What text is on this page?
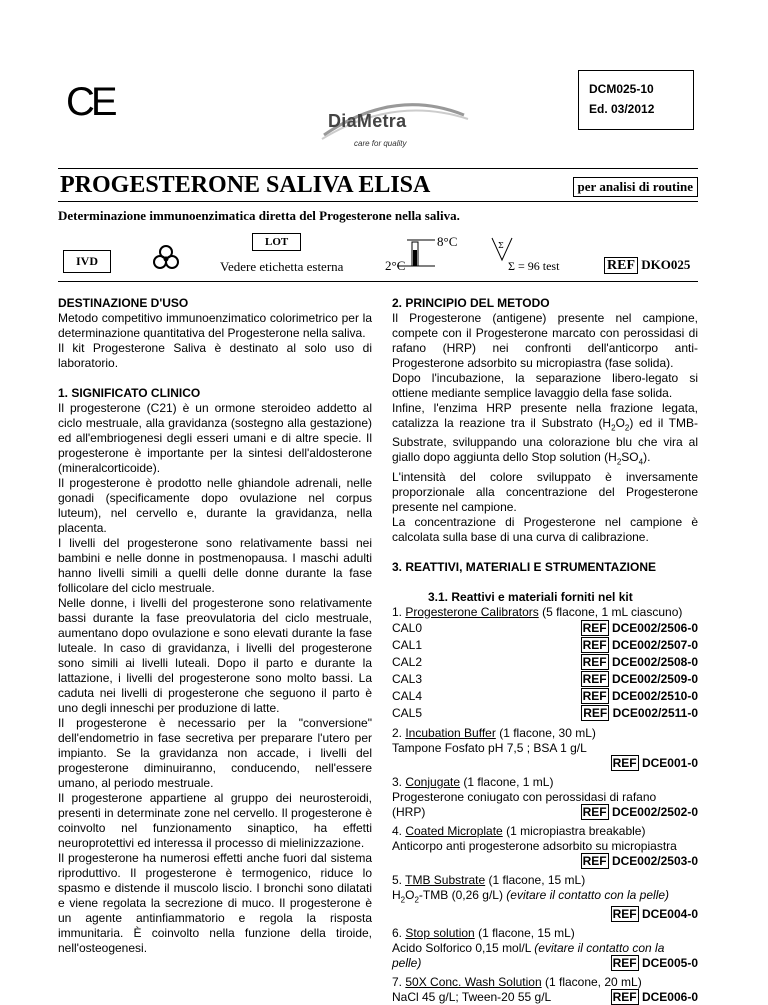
CE	DCM025-10
Ed. 03/2012
DiaMetra
care for quality
PROGESTERONE SALIVA ELISA	per analisi di routine
Determinazione immunoenzimatica diretta del Progesterone nella saliva.
IVD
LOT
Vedere etichetta esterna
8°C
2°C
Σ
Σ = 96 test	REF DKO025

DESTINAZIONE D'USO

Metodo competitivo immunoenzimatico colorimetrico per la determinazione quantitativa del Progesterone nella saliva.

Il kit Progesterone Saliva è destinato al solo uso di laboratorio.

1. SIGNIFICATO CLINICO

Il progesterone (C21) è un ormone steroideo addetto al ciclo mestruale, alla gravidanza (sostegno alla gestazione) ed all'embriogenesi degli esseri umani e di altre specie. Il progesterone è importante per la sintesi dell'aldosterone (mineralcorticoide).

Il progesterone è prodotto nelle ghiandole adrenali, nelle gonadi (specificamente dopo ovulazione nel corpus luteum), nel cervello e, durante la gravidanza, nella placenta.

I livelli del progesterone sono relativamente bassi nei bambini e nelle donne in postmenopausa. I maschi adulti hanno livelli simili a quelli delle donne durante la fase follicolare del ciclo mestruale.

Nelle donne, i livelli del progesterone sono relativamente bassi durante la fase preovulatoria del ciclo mestruale, aumentano dopo ovulazione e sono elevati durante la fase luteale. In caso di gravidanza, i livelli del progesterone sono simili ai livelli luteali. Dopo il parto e durante la lattazione, i livelli del progesterone sono molto bassi. La caduta nei livelli di progesterone che seguono il parto è uno degli inneschi per produzione di latte.

Il progesterone è necessario per la "conversione" dell'endometrio in fase secretiva per preparare l'utero per impianto. Se la gravidanza non accade, i livelli del progesterone diminuiranno, conducendo, nell'essere umano, al periodo mestruale.

Il progesterone appartiene al gruppo dei neurosteroidi, presenti in determinate zone nel cervello. Il progesterone è coinvolto nel funzionamento sinaptico, ha effetti neuroprotettivi ed interessa il processo di mielinizzazione.

Il progesterone ha numerosi effetti anche fuori dal sistema riproduttivo. Il progesterone è termogenico, riduce lo spasmo e distende il muscolo liscio. I bronchi sono dilatati e viene regolata la secrezione di muco. Il progesterone è un agente antinfiammatorio e regola la risposta immunitaria. È coinvolto nella funzione della tiroide, nell'osteogenesi.

2. PRINCIPIO DEL METODO

Il Progesterone (antigene) presente nel campione, compete con il Progesterone marcato con perossidasi di rafano (HRP) nei confronti dell'anticorpo anti-Progesterone adsorbito su micropiastra (fase solida).

Dopo l'incubazione, la separazione libero-legato si ottiene mediante semplice lavaggio della fase solida.

Infine, l'enzima HRP presente nella frazione legata, catalizza la reazione tra il Substrato $(H_2O_2)$ ed il TMB-Substrate, sviluppando una colorazione blu che vira al giallo dopo aggiunta dello Stop solution $(H_2SO_4)$.

L'intensità del colore sviluppato è inversamente proporzionale alla concentrazione del Progesterone presente nel campione.

La concentrazione di Progesterone nel campione è calcolata sulla base di una curva di calibrazione.

3. REATTIVI, MATERIALI E STRUMENTAZIONE

3.1. Reattivi e materiali forniti nel kit

1. Progesterone Calibrators (5 flacone, 1 mL ciascuno)

CAL0	REF DCE002/2506-0
CAL1	REF DCE002/2507-0
CAL2	REF DCE002/2508-0
CAL3	REF DCE002/2509-0
CAL4	REF DCE002/2510-0
CAL5	REF DCE002/2511-0

2. Incubation Buffer (1 flacone, 30 mL)

Tampone Fosfato pH 7,5 ; BSA 1 g/L

REF DCE001-0

3. Conjugate (1 flacone, 1 mL)

Progesterone coniugato con perossidasi di rafano

(HRP)	REF DCE002/2502-0

4. Coated Microplate (1 micropiastra breakable)

Anticorpo anti progesterone adsorbito su micropiastra

REF DCE002/2503-0

5. TMB Substrate (1 flacone, 15 mL)

$H_2O_2$-TMB (0,26 g/L) (evitare il contatto con la pelle)

REF DCE004-0

6. Stop solution (1 flacone, 15 mL)

Acido Solforico 0,15 mol/L (evitare il contatto con la

pelle)	REF DCE005-0

7. 50X Conc. Wash Solution (1 flacone, 20 mL)

NaCl 45 g/L; Tween-20 55 g/L	REF DCE006-0
